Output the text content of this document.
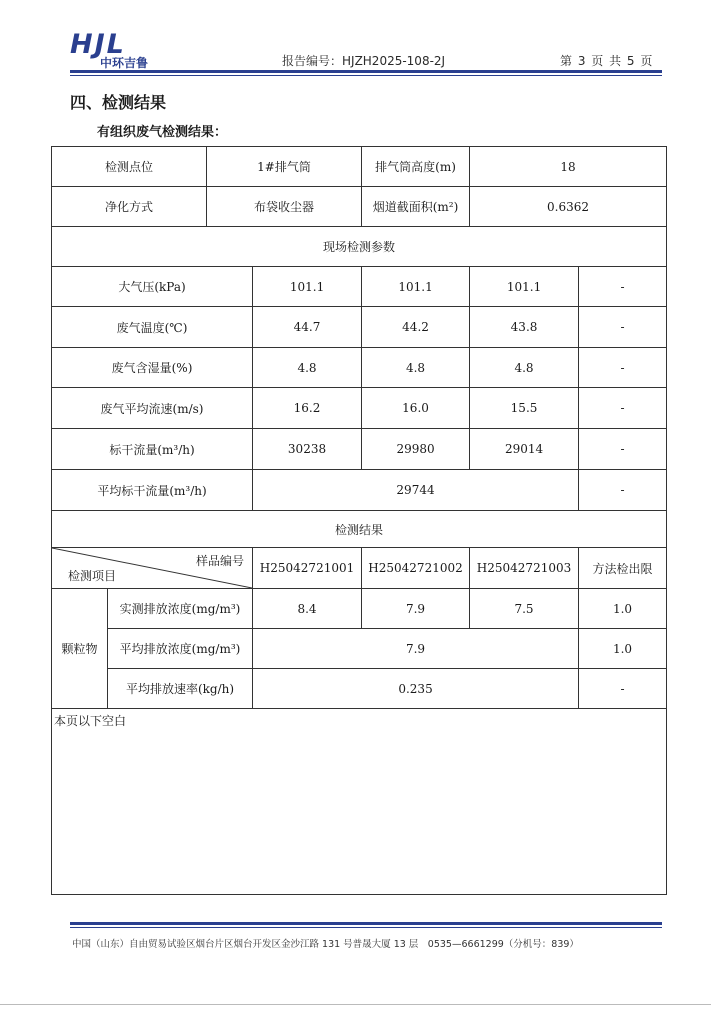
HJL
中环吉鲁	报告编号：HJZH2025-108-2J	第 3 页 共 5 页
四、检测结果
有组织废气检测结果：
检测点位		1#排气筒		排气筒高度(m)	18	
净化方式		布袋收尘器		烟道截面积(m²)	0.6362	
现场检测参数						
大气压(kPa)			101.1	101.1	101.1	-
废气温度(℃)			44.7	44.2	43.8	-
废气含湿量(%)			4.8	4.8	4.8	-
废气平均流速(m/s)			16.2	16.0	15.5	-
标干流量(m³/h)			30238	29980	29014	-
平均标干流量(m³/h)			29744			-
检测结果						

样品编号
检测项目			H25042721001	H25042721002	H25042721003	方法检出限
颗粒物	实测排放浓度(mg/m³)		8.4	7.9	7.5	1.0
	平均排放浓度(mg/m³)		7.9			1.0
	平均排放速率(kg/h)		0.235			-

本页以下空白						
中国（山东）自由贸易试验区烟台片区烟台开发区金沙江路 131 号普晟大厦 13 层　0535—6661299（分机号：839）
